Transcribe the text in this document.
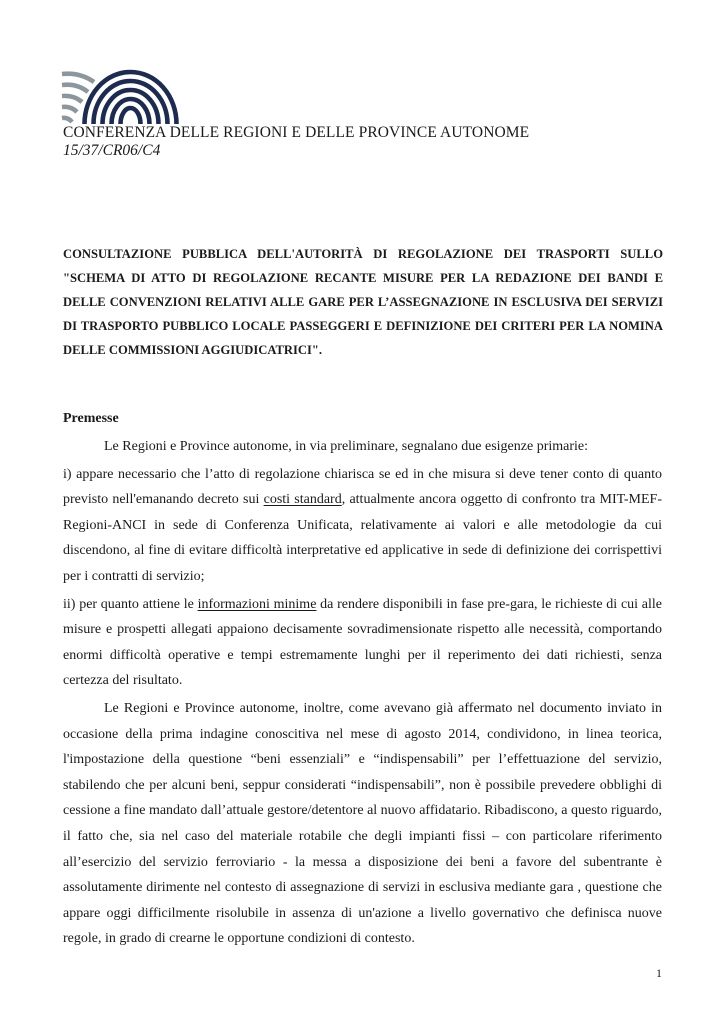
CONFERENZA DELLE REGIONI E DELLE PROVINCE AUTONOME
15/37/CR06/C4

CONSULTAZIONE PUBBLICA DELL'AUTORITÀ DI REGOLAZIONE DEI TRASPORTI SULLO "SCHEMA DI ATTO DI REGOLAZIONE RECANTE MISURE PER LA REDAZIONE DEI BANDI E DELLE CONVENZIONI RELATIVI ALLE GARE PER L’ASSEGNAZIONE IN ESCLUSIVA DEI SERVIZI DI TRASPORTO PUBBLICO LOCALE PASSEGGERI E DEFINIZIONE DEI CRITERI PER LA NOMINA DELLE COMMISSIONI AGGIUDICATRICI".

Premesse

Le Regioni e Province autonome, in via preliminare, segnalano due esigenze primarie:

i) appare necessario che l’atto di regolazione chiarisca se ed in che misura si deve tener conto di quanto previsto nell'emanando decreto sui costi standard, attualmente ancora oggetto di confronto tra MIT-MEF-Regioni-ANCI in sede di Conferenza Unificata, relativamente ai valori e alle metodologie da cui discendono, al fine di evitare difficoltà interpretative ed applicative in sede di definizione dei corrispettivi per i contratti di servizio;

ii) per quanto attiene le informazioni minime da rendere disponibili in fase pre-gara, le richieste di cui alle misure e prospetti allegati appaiono decisamente sovradimensionate rispetto alle necessità, comportando enormi difficoltà operative e tempi estremamente lunghi per il reperimento dei dati richiesti, senza certezza del risultato.

Le Regioni e Province autonome, inoltre, come avevano già affermato nel documento inviato in occasione della prima indagine conoscitiva nel mese di agosto 2014, condividono, in linea teorica, l'impostazione della questione “beni essenziali” e “indispensabili” per l’effettuazione del servizio, stabilendo che per alcuni beni, seppur considerati “indispensabili”, non è possibile prevedere obblighi di cessione a fine mandato dall’attuale gestore/detentore al nuovo affidatario. Ribadiscono, a questo riguardo, il fatto che, sia nel caso del materiale rotabile che degli impianti fissi – con particolare riferimento all’esercizio del servizio ferroviario - la messa a disposizione dei beni a favore del subentrante è assolutamente dirimente nel contesto di assegnazione di servizi in esclusiva mediante gara , questione che appare oggi difficilmente risolubile in assenza di un'azione a livello governativo che definisca nuove regole, in grado di crearne le opportune condizioni di contesto.

1
